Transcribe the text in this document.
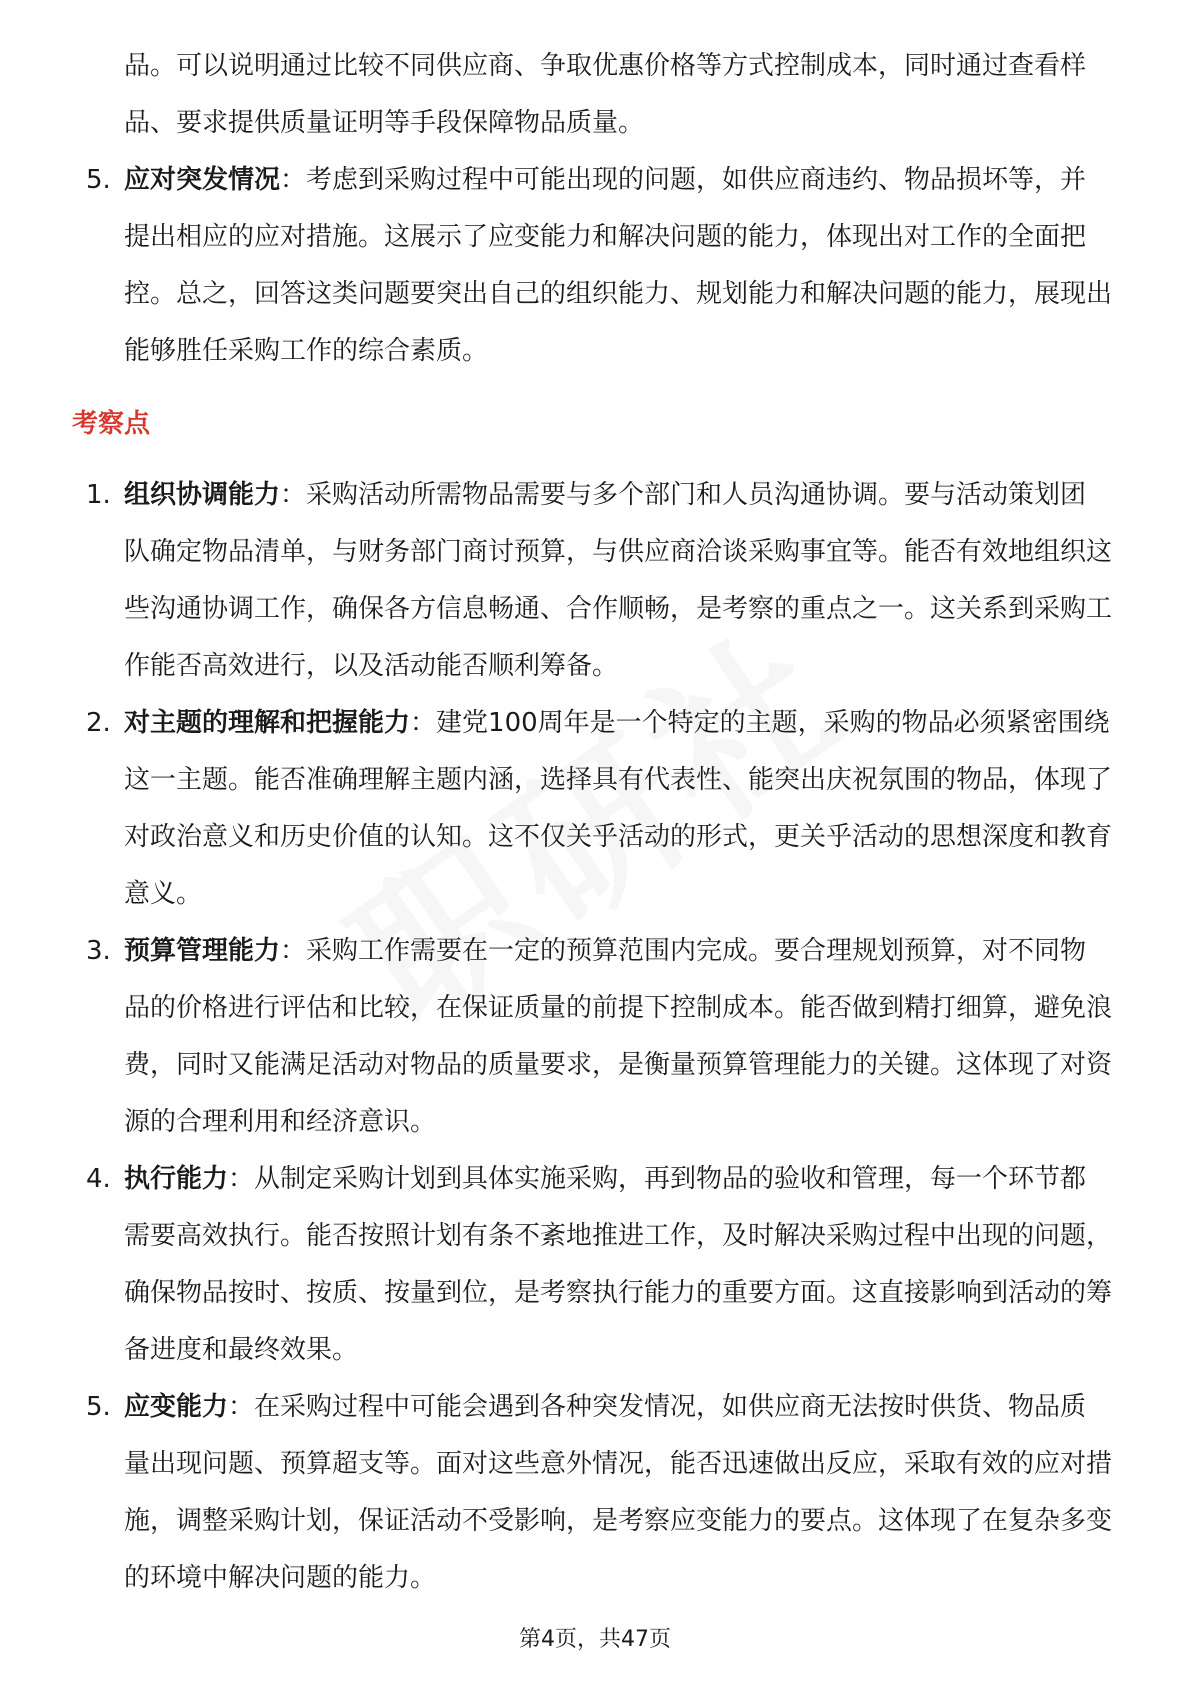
品。可以说明通过比较不同供应商、争取优惠价格等方式控制成本，同时通过查看样品、要求提供质量证明等手段保障物品质量。

5. 应对突发情况：考虑到采购过程中可能出现的问题，如供应商违约、物品损坏等，并提出相应的应对措施。这展示了应变能力和解决问题的能力，体现出对工作的全面把控。总之，回答这类问题要突出自己的组织能力、规划能力和解决问题的能力，展现出能够胜任采购工作的综合素质。

考察点

1. 组织协调能力：采购活动所需物品需要与多个部门和人员沟通协调。要与活动策划团队确定物品清单，与财务部门商讨预算，与供应商洽谈采购事宜等。能否有效地组织这些沟通协调工作，确保各方信息畅通、合作顺畅，是考察的重点之一。这关系到采购工作能否高效进行，以及活动能否顺利筹备。

2. 对主题的理解和把握能力：建党100周年是一个特定的主题，采购的物品必须紧密围绕这一主题。能否准确理解主题内涵，选择具有代表性、能突出庆祝氛围的物品，体现了对政治意义和历史价值的认知。这不仅关乎活动的形式，更关乎活动的思想深度和教育意义。

3. 预算管理能力：采购工作需要在一定的预算范围内完成。要合理规划预算，对不同物品的价格进行评估和比较，在保证质量的前提下控制成本。能否做到精打细算，避免浪费，同时又能满足活动对物品的质量要求，是衡量预算管理能力的关键。这体现了对资源的合理利用和经济意识。

4. 执行能力：从制定采购计划到具体实施采购，再到物品的验收和管理，每一个环节都需要高效执行。能否按照计划有条不紊地推进工作，及时解决采购过程中出现的问题，确保物品按时、按质、按量到位，是考察执行能力的重要方面。这直接影响到活动的筹备进度和最终效果。

5. 应变能力：在采购过程中可能会遇到各种突发情况，如供应商无法按时供货、物品质量出现问题、预算超支等。面对这些意外情况，能否迅速做出反应，采取有效的应对措施，调整采购计划，保证活动不受影响，是考察应变能力的要点。这体现了在复杂多变的环境中解决问题的能力。

第4页，共47页
